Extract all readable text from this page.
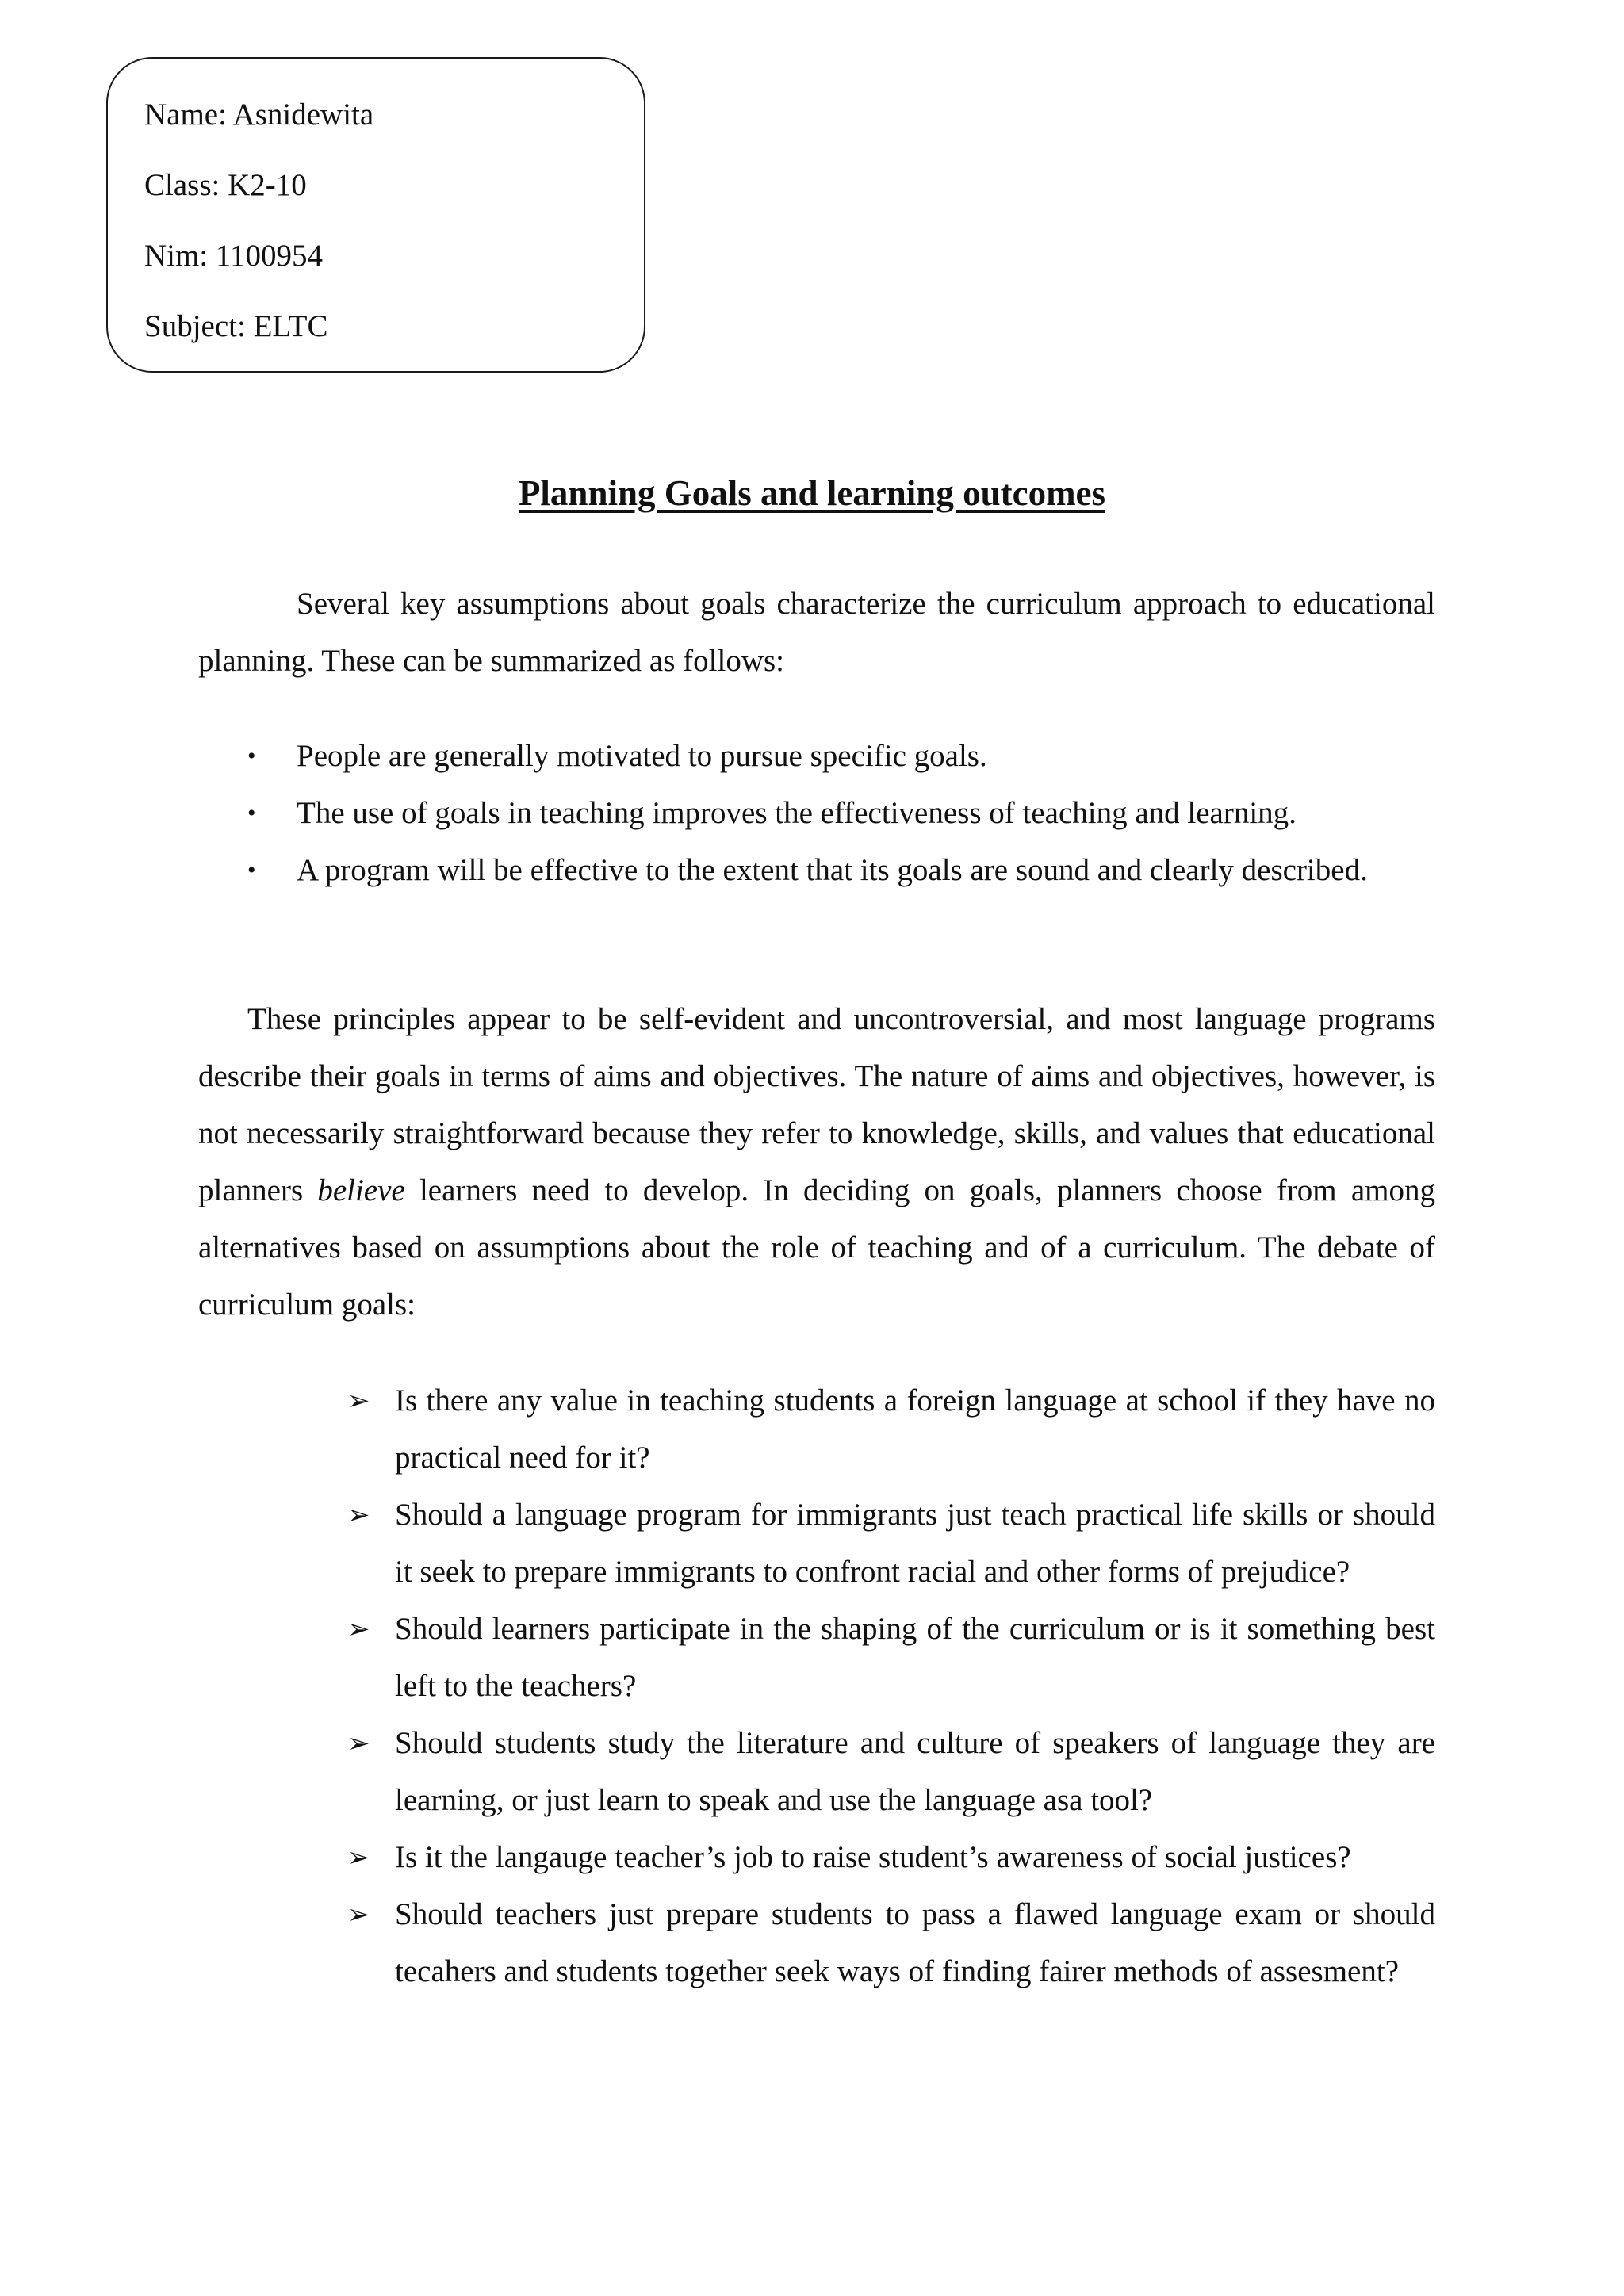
Name: Asnidewita
Class: K2-10
Nim: 1100954
Subject: ELTC
Planning Goals and learning outcomes

Several key assumptions about goals characterize the curriculum approach to educational planning. These can be summarized as follows:

• People are generally motivated to pursue specific goals.
• The use of goals in teaching improves the effectiveness of teaching and learning.
• A program will be effective to the extent that its goals are sound and clearly described.

These principles appear to be self-evident and uncontroversial, and most language programs describe their goals in terms of aims and objectives. The nature of aims and objectives, however, is not necessarily straightforward because they refer to knowledge, skills, and values that educational planners believe learners need to develop. In deciding on goals, planners choose from among alternatives based on assumptions about the role of teaching and of a curriculum. The debate of curriculum goals:

➢ Is there any value in teaching students a foreign language at school if they have no practical need for it?
➢ Should a language program for immigrants just teach practical life skills or should it seek to prepare immigrants to confront racial and other forms of prejudice?
➢ Should learners participate in the shaping of the curriculum or is it something best left to the teachers?
➢ Should students study the literature and culture of speakers of language they are learning, or just learn to speak and use the language asa tool?
➢ Is it the langauge teacher’s job to raise student’s awareness of social justices?
➢ Should teachers just prepare students to pass a flawed language exam or should tecahers and students together seek ways of finding fairer methods of assesment?
